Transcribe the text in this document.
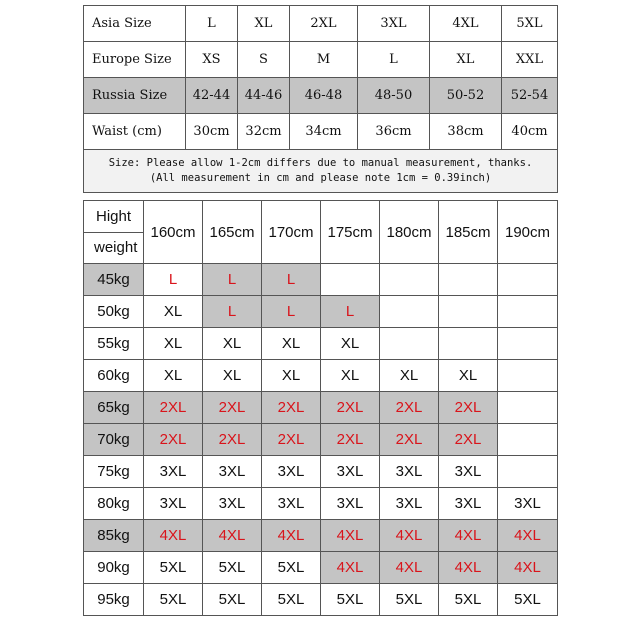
Asia Size	L	XL	2XL	3XL	4XL	5XL
Europe Size	XS	S	M	L	XL	XXL
Russia Size	42-44	44-46	46-48	48-50	50-52	52-54
Waist (cm)	30cm	32cm	34cm	36cm	38cm	40cm

Size: Please allow 1-2cm differs due to manual measurement, thanks.
(All measurement in cm and please note 1cm = 0.39inch)						
Hight
weight	160cm	165cm	170cm	175cm	180cm	185cm	190cm
45kg	L	L	L				
50kg	XL	L	L	L			
55kg	XL	XL	XL	XL			
60kg	XL	XL	XL	XL	XL	XL	
65kg	2XL	2XL	2XL	2XL	2XL	2XL	
70kg	2XL	2XL	2XL	2XL	2XL	2XL	
75kg	3XL	3XL	3XL	3XL	3XL	3XL	
80kg	3XL	3XL	3XL	3XL	3XL	3XL	3XL
85kg	4XL	4XL	4XL	4XL	4XL	4XL	4XL
90kg	5XL	5XL	5XL	4XL	4XL	4XL	4XL
95kg	5XL	5XL	5XL	5XL	5XL	5XL	5XL
